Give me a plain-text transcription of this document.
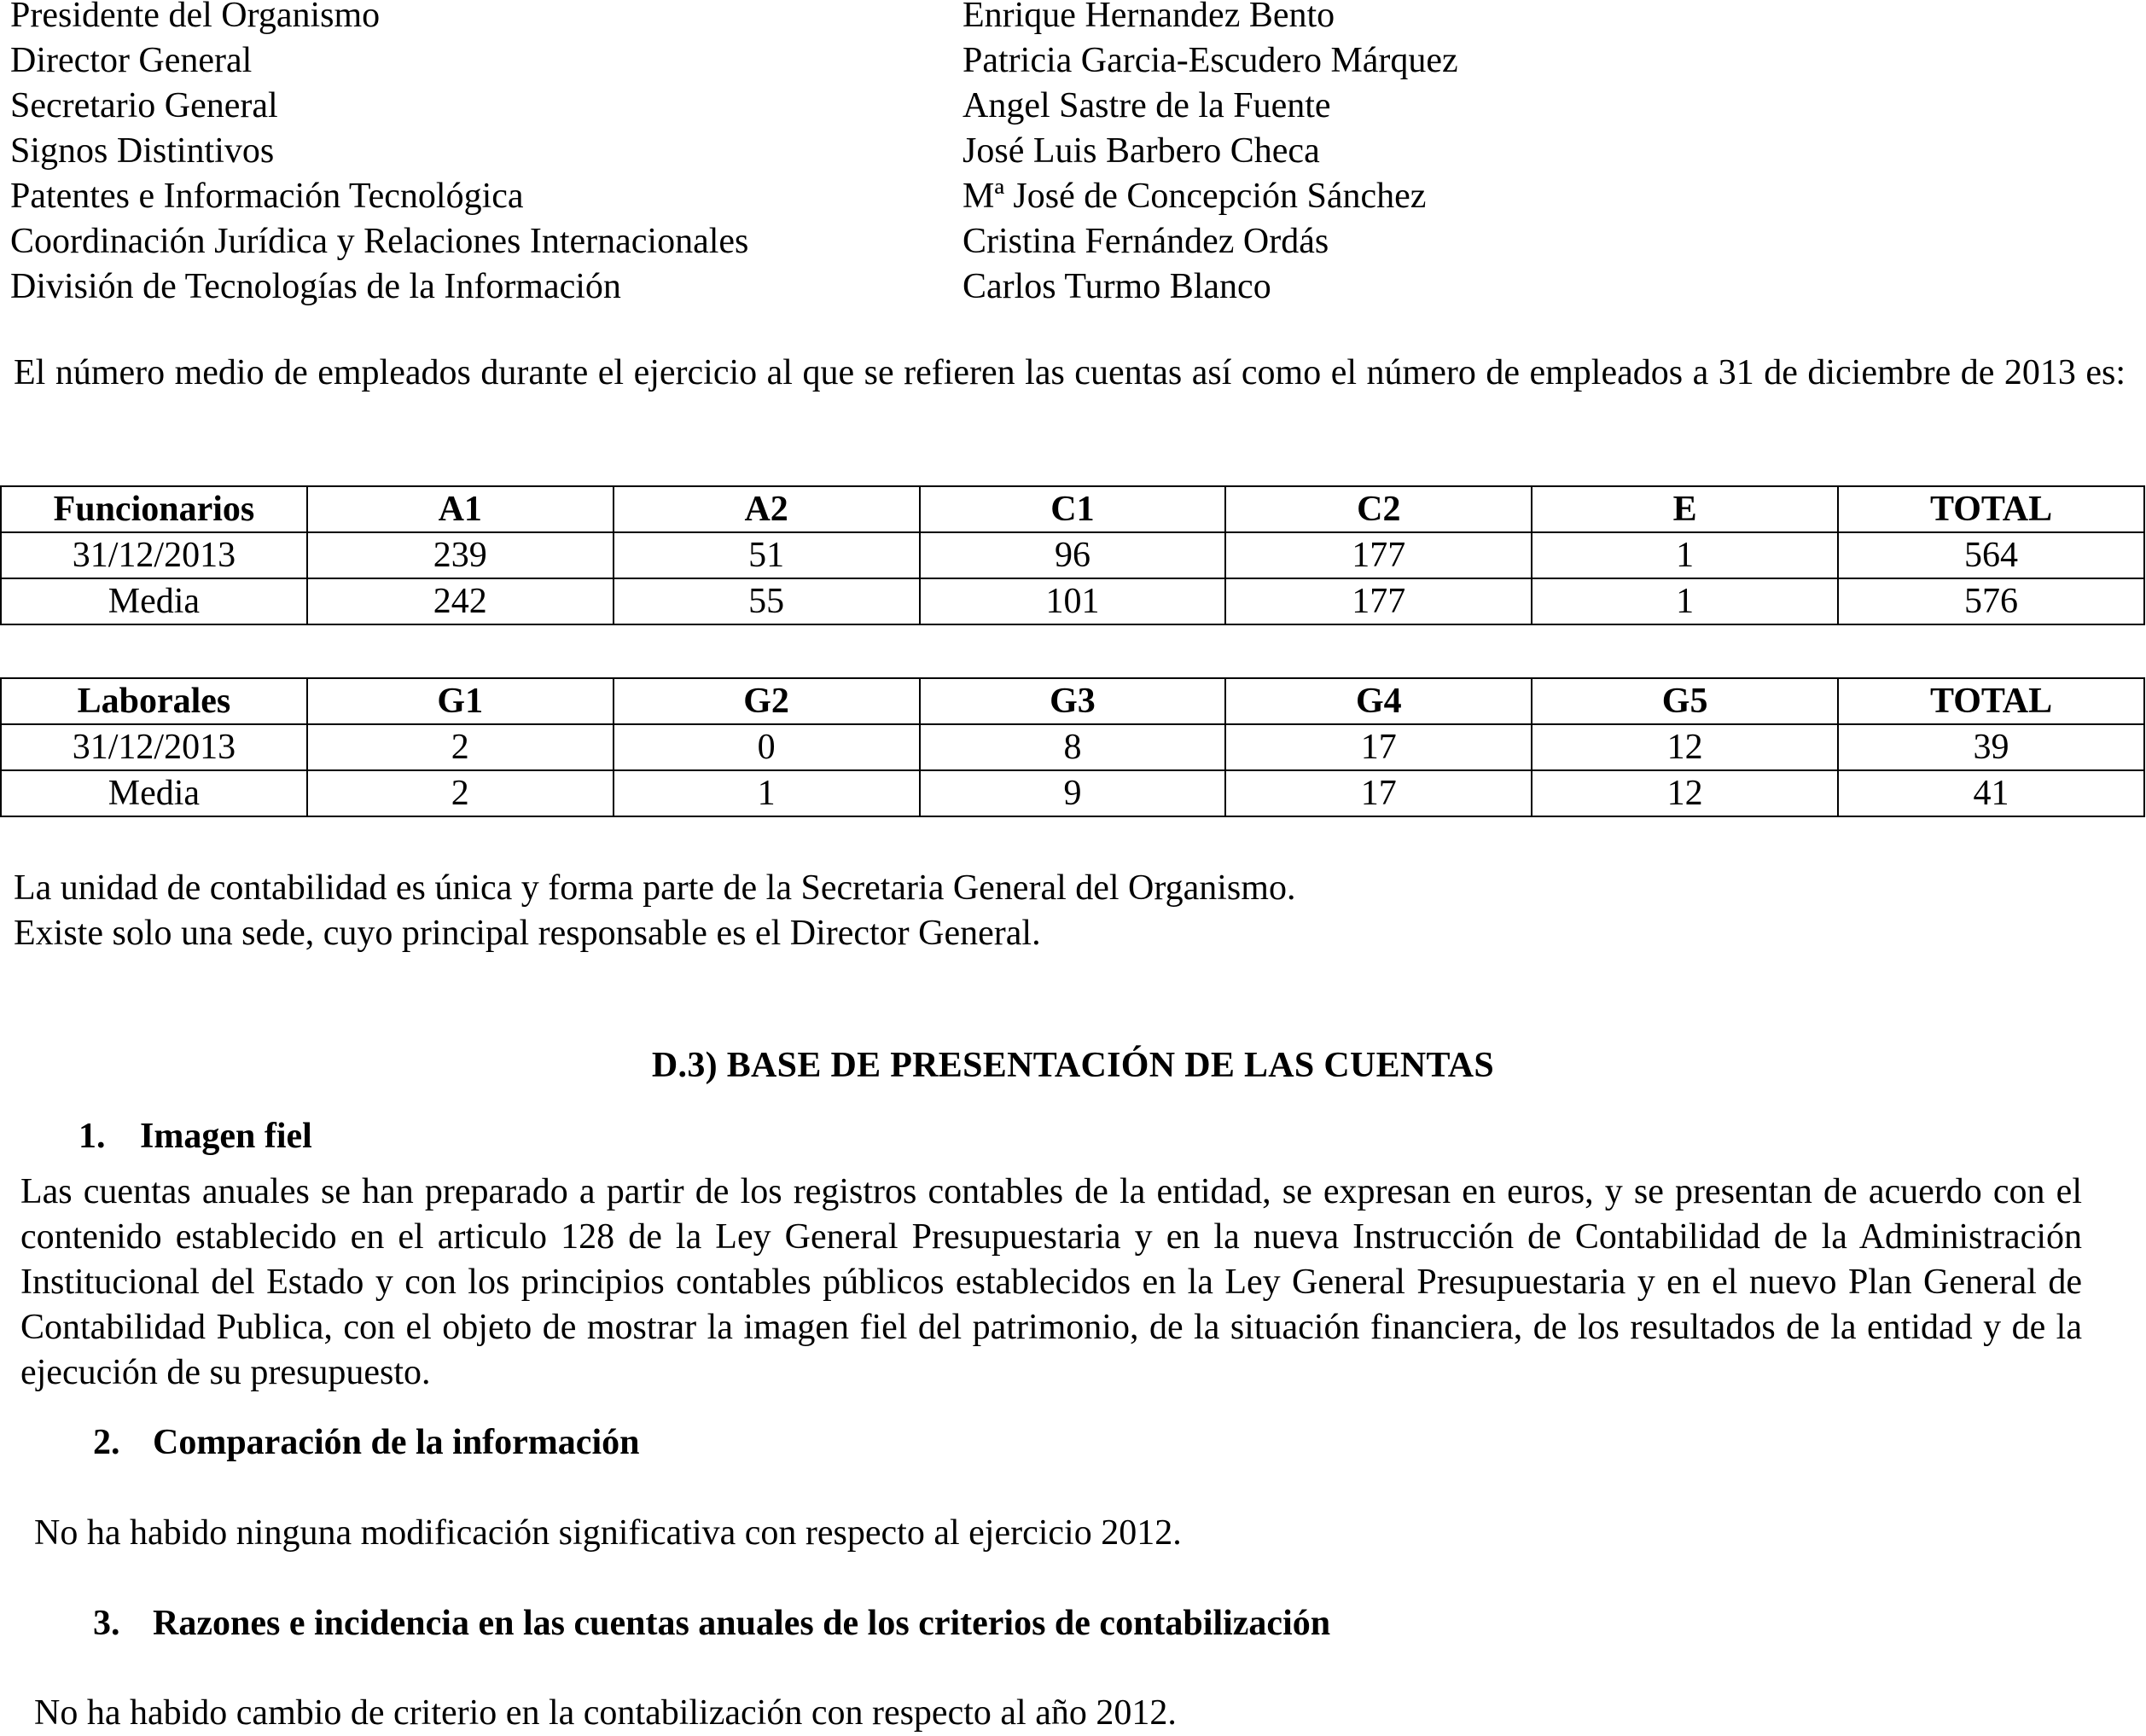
Presidente del Organismo	Enrique Hernandez Bento
Director General	Patricia Garcia-Escudero Márquez
Secretario General	Angel Sastre de la Fuente
Signos Distintivos	José Luis Barbero Checa
Patentes e Información Tecnológica	Mª José de Concepción Sánchez
Coordinación Jurídica y Relaciones Internacionales	Cristina Fernández Ordás
División de Tecnologías de la Información	Carlos Turmo Blanco
El número medio de empleados durante el ejercicio al que se refieren las cuentas así como el número de empleados a 31 de diciembre de 2013 es:
Funcionarios	A1	A2	C1	C2	E	TOTAL
31/12/2013	239	51	96	177	1	564
Media	242	55	101	177	1	576
Laborales	G1	G2	G3	G4	G5	TOTAL
31/12/2013	2	0	8	17	12	39
Media	2	1	9	17	12	41
La unidad de contabilidad es única y forma parte de la Secretaria General del Organismo.
Existe solo una sede, cuyo principal responsable es el Director General.
D.3) BASE DE PRESENTACIÓN DE LAS CUENTAS
1. Imagen fiel
Las cuentas anuales se han preparado a partir de los registros contables de la entidad, se expresan en euros, y se presentan de acuerdo con el contenido establecido en el articulo 128 de la Ley General Presupuestaria y en la nueva Instrucción de Contabilidad de la Administración Institucional del Estado y con los principios contables públicos establecidos en la Ley General Presupuestaria y en el nuevo Plan General de Contabilidad Publica, con el objeto de mostrar la imagen fiel del patrimonio, de la situación financiera, de los resultados de la entidad y de la ejecución de su presupuesto.
2. Comparación de la información
No ha habido ninguna modificación significativa con respecto al ejercicio 2012.
3. Razones e incidencia en las cuentas anuales de los criterios de contabilización
No ha habido cambio de criterio en la contabilización con respecto al año 2012.
